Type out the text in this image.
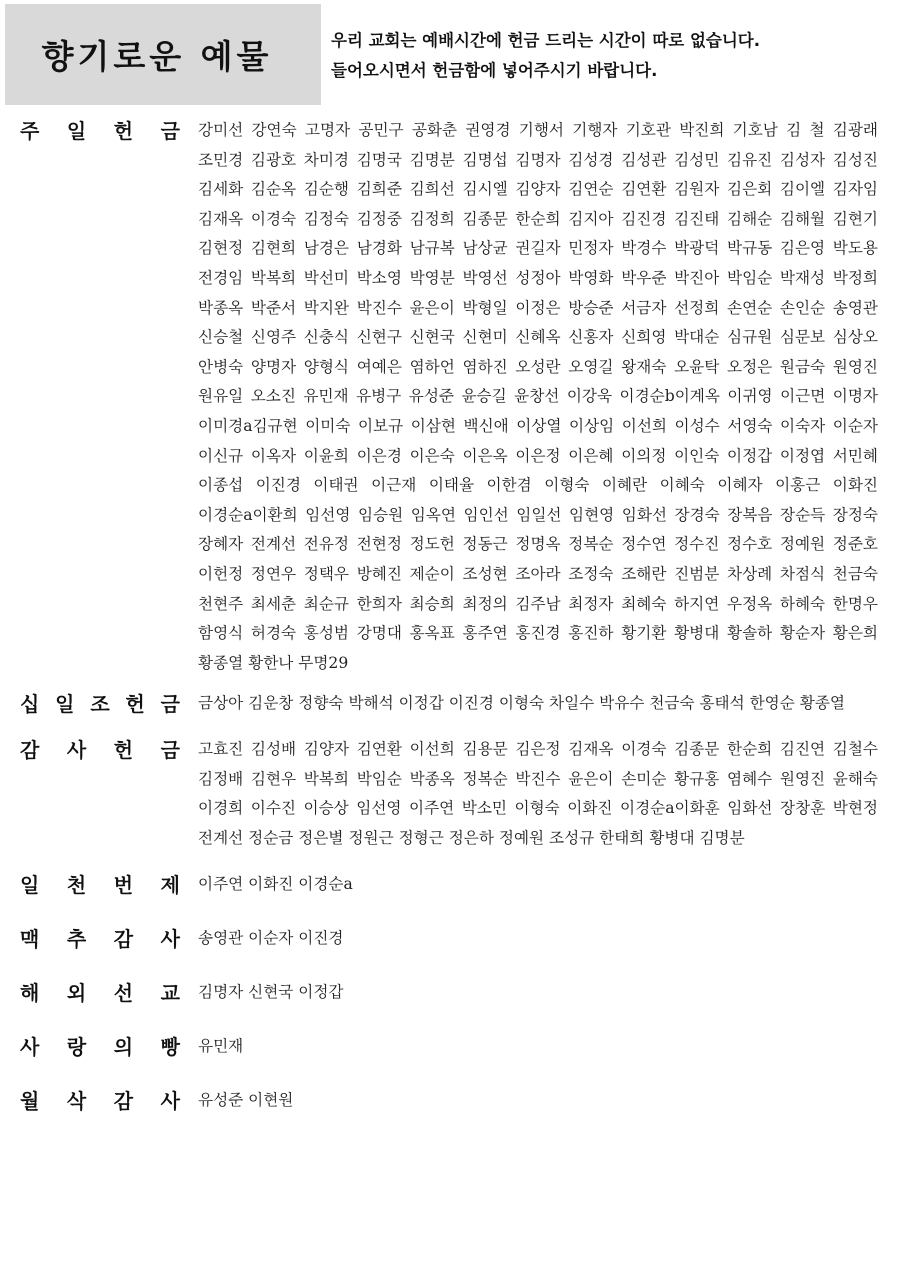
향기로운 예물	우리 교회는 예배시간에 헌금 드리는 시간이 따로 없습니다.
들어오시면서 헌금함에 넣어주시기 바랍니다.
주 일 헌 금 강미선 강연숙 고명자 공민구 공화춘 권영경 기행서 기행자 기호관 박진희 기호남 김 철 김광래 조민경 김광호 차미경 김명국 김명분 김명섭 김명자 김성경 김성관 김성민 김유진 김성자 김성진 김세화 김순옥 김순행 김희준 김희선 김시엘 김양자 김연순 김연환 김원자 김은회 김이엘 김자임 김재옥 이경숙 김정숙 김정중 김정희 김종문 한순희 김지아 김진경 김진태 김해순 김해월 김현기 김현정 김현희 남경은 남경화 남규복 남상균 권길자 민정자 박경수 박광덕 박규동 김은영 박도용 전경임 박복희 박선미 박소영 박영분 박영선 성정아 박영화 박우준 박진아 박임순 박재성 박정희 박종옥 박준서 박지완 박진수 윤은이 박형일 이정은 방승준 서금자 선정희 손연순 손인순 송영관 신승철 신영주 신충식 신현구 신현국 신현미 신혜옥 신홍자 신희영 박대순 심규원 심문보 심상오 안병숙 양명자 양형식 여예은 염하언 염하진 오성란 오영길 왕재숙 오윤탁 오정은 원금숙 원영진 원유일 오소진 유민재 유병구 유성준 윤승길 윤창선 이강욱 이경순b이계옥 이귀영 이근면 이명자 이미경a김규현 이미숙 이보규 이삼현 백신애 이상열 이상임 이선희 이성수 서영숙 이숙자 이순자 이신규 이옥자 이윤희 이은경 이은숙 이은옥 이은정 이은혜 이의정 이인숙 이정갑 이정엽 서민혜 이종섭 이진경 이태권 이근재 이태율 이한겸 이형숙 이혜란 이혜숙 이혜자 이홍근 이화진 이경순a이환희 임선영 임승원 임옥연 임인선 임일선 임현영 임화선 장경숙 장복음 장순득 장정숙 장혜자 전계선 전유정 전현정 정도헌 정동근 정명옥 정복순 정수연 정수진 정수호 정예원 정준호 이헌정 정연우 정택우 방혜진 제순이 조성현 조아라 조정숙 조해란 진범분 차상례 차점식 천금숙 천현주 최세춘 최순규 한희자 최승희 최정의 김주남 최정자 최혜숙 하지연 우정옥 하혜숙 한명우 함영식 허경숙 홍성범 강명대 홍옥표 홍주연 홍진경 홍진하 황기환 황병대 황솔하 황순자 황은희 황종열 황한나 무명29
십 일 조 헌 금 금상아 김운창 정향숙 박해석 이정갑 이진경 이형숙 차일수 박유수 천금숙 홍태석 한영순 황종열
감 사 헌 금 고효진 김성배 김양자 김연환 이선희 김용문 김은정 김재옥 이경숙 김종문 한순희 김진연 김철수 김정배 김현우 박복희 박임순 박종옥 정복순 박진수 윤은이 손미순 황규홍 염혜수 원영진 윤해숙 이경희 이수진 이승상 임선영 이주연 박소민 이형숙 이화진 이경순a이화훈 임화선 장창훈 박현정 전계선 정순금 정은별 정원근 정형근 정은하 정예원 조성규 한태희 황병대 김명분
일 천 번 제 이주연 이화진 이경순a
맥 추 감 사 송영관 이순자 이진경
해 외 선 교 김명자 신현국 이정갑
사 랑 의 빵 유민재
월 삭 감 사 유성준 이현원
